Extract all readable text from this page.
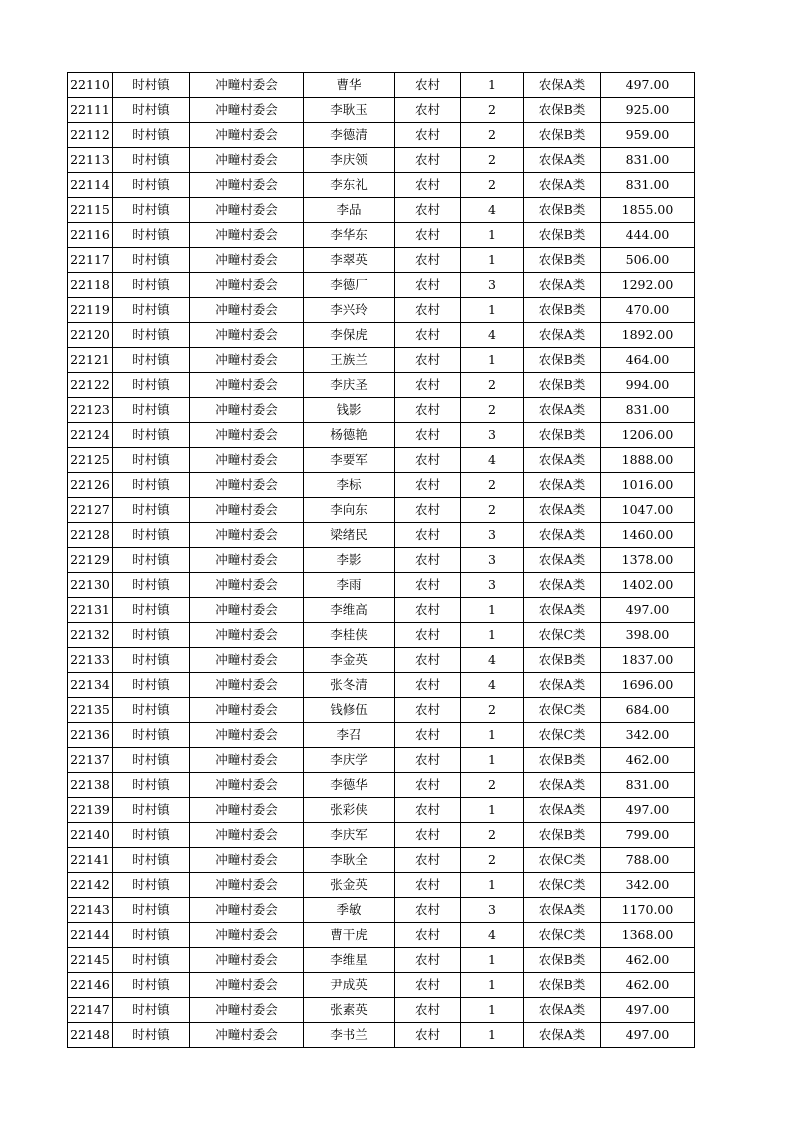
22110	时村镇	冲疃村委会	曹华	农村	1	农保A类	497.00
22111	时村镇	冲疃村委会	李耿玉	农村	2	农保B类	925.00
22112	时村镇	冲疃村委会	李德清	农村	2	农保B类	959.00
22113	时村镇	冲疃村委会	李庆领	农村	2	农保A类	831.00
22114	时村镇	冲疃村委会	李东礼	农村	2	农保A类	831.00
22115	时村镇	冲疃村委会	李品	农村	4	农保B类	1855.00
22116	时村镇	冲疃村委会	李华东	农村	1	农保B类	444.00
22117	时村镇	冲疃村委会	李翠英	农村	1	农保B类	506.00
22118	时村镇	冲疃村委会	李德厂	农村	3	农保A类	1292.00
22119	时村镇	冲疃村委会	李兴玲	农村	1	农保B类	470.00
22120	时村镇	冲疃村委会	李保虎	农村	4	农保A类	1892.00
22121	时村镇	冲疃村委会	王族兰	农村	1	农保B类	464.00
22122	时村镇	冲疃村委会	李庆圣	农村	2	农保B类	994.00
22123	时村镇	冲疃村委会	钱影	农村	2	农保A类	831.00
22124	时村镇	冲疃村委会	杨德艳	农村	3	农保B类	1206.00
22125	时村镇	冲疃村委会	李要军	农村	4	农保A类	1888.00
22126	时村镇	冲疃村委会	李标	农村	2	农保A类	1016.00
22127	时村镇	冲疃村委会	李向东	农村	2	农保A类	1047.00
22128	时村镇	冲疃村委会	梁绪民	农村	3	农保A类	1460.00
22129	时村镇	冲疃村委会	李影	农村	3	农保A类	1378.00
22130	时村镇	冲疃村委会	李雨	农村	3	农保A类	1402.00
22131	时村镇	冲疃村委会	李维高	农村	1	农保A类	497.00
22132	时村镇	冲疃村委会	李桂侠	农村	1	农保C类	398.00
22133	时村镇	冲疃村委会	李金英	农村	4	农保B类	1837.00
22134	时村镇	冲疃村委会	张冬清	农村	4	农保A类	1696.00
22135	时村镇	冲疃村委会	钱修伍	农村	2	农保C类	684.00
22136	时村镇	冲疃村委会	李召	农村	1	农保C类	342.00
22137	时村镇	冲疃村委会	李庆学	农村	1	农保B类	462.00
22138	时村镇	冲疃村委会	李德华	农村	2	农保A类	831.00
22139	时村镇	冲疃村委会	张彩侠	农村	1	农保A类	497.00
22140	时村镇	冲疃村委会	李庆军	农村	2	农保B类	799.00
22141	时村镇	冲疃村委会	李耿全	农村	2	农保C类	788.00
22142	时村镇	冲疃村委会	张金英	农村	1	农保C类	342.00
22143	时村镇	冲疃村委会	季敏	农村	3	农保A类	1170.00
22144	时村镇	冲疃村委会	曹干虎	农村	4	农保C类	1368.00
22145	时村镇	冲疃村委会	李维星	农村	1	农保B类	462.00
22146	时村镇	冲疃村委会	尹成英	农村	1	农保B类	462.00
22147	时村镇	冲疃村委会	张素英	农村	1	农保A类	497.00
22148	时村镇	冲疃村委会	李书兰	农村	1	农保A类	497.00
